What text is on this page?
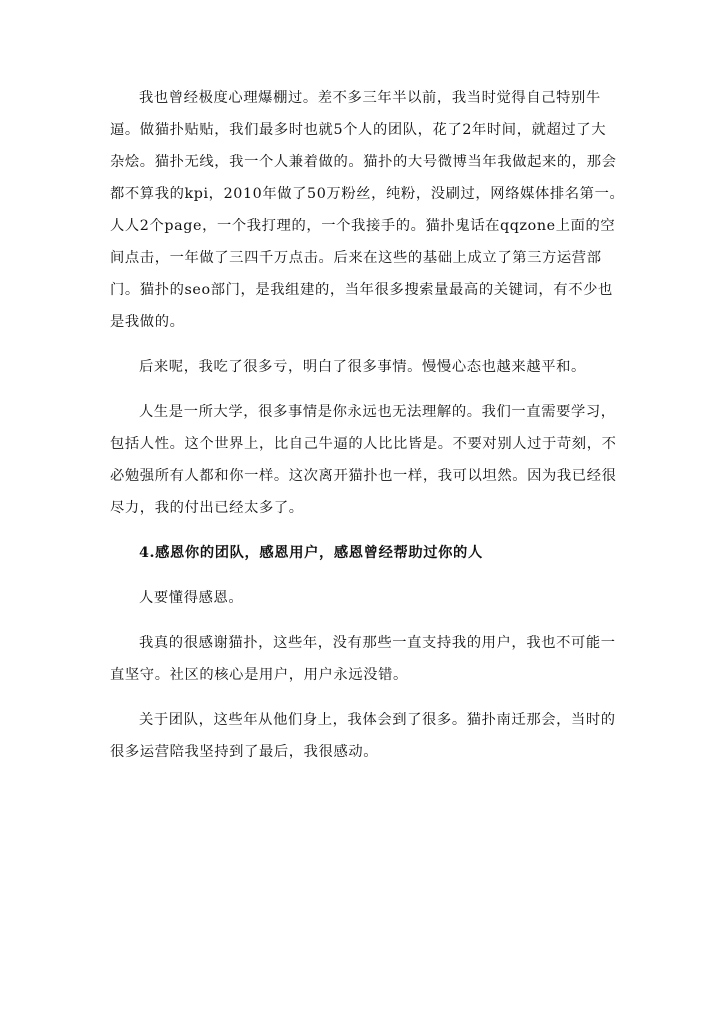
我也曾经极度心理爆棚过。差不多三年半以前，我当时觉得自己特别牛
逼。做猫扑贴贴，我们最多时也就5个人的团队，花了2年时间，就超过了大
杂烩。猫扑无线，我一个人兼着做的。猫扑的大号微博当年我做起来的，那会
都不算我的kpi，2010年做了50万粉丝，纯粉，没刷过，网络媒体排名第一。
人人2个page，一个我打理的，一个我接手的。猫扑鬼话在qqzone上面的空
间点击，一年做了三四千万点击。后来在这些的基础上成立了第三方运营部
门。猫扑的seo部门，是我组建的，当年很多搜索量最高的关键词，有不少也
是我做的。
后来呢，我吃了很多亏，明白了很多事情。慢慢心态也越来越平和。
人生是一所大学，很多事情是你永远也无法理解的。我们一直需要学习，
包括人性。这个世界上，比自己牛逼的人比比皆是。不要对别人过于苛刻，不
必勉强所有人都和你一样。这次离开猫扑也一样，我可以坦然。因为我已经很
尽力，我的付出已经太多了。
4.感恩你的团队，感恩用户，感恩曾经帮助过你的人
人要懂得感恩。
我真的很感谢猫扑，这些年，没有那些一直支持我的用户，我也不可能一
直坚守。社区的核心是用户，用户永远没错。
关于团队，这些年从他们身上，我体会到了很多。猫扑南迁那会，当时的
很多运营陪我坚持到了最后，我很感动。
